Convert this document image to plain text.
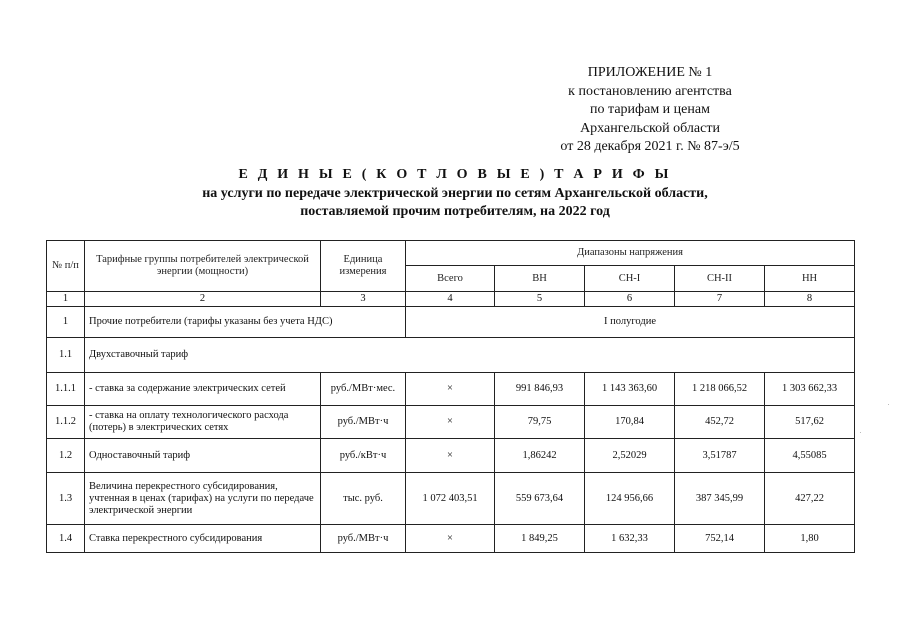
ПРИЛОЖЕНИЕ № 1
к постановлению агентства
по тарифам и ценам
Архангельской области
от 28 декабря 2021 г. № 87-э/5
Е Д И Н Ы Е ( К О Т Л О В Ы Е ) Т А Р И Ф Ы
на услуги по передаче электрической энергии по сетям Архангельской области,
поставляемой прочим потребителям, на 2022 год
№ п/п	Тарифные группы потребителей электрической энергии (мощности)	Единица измерения	Диапазоны напряжения				
			Всего	ВН	СН-I	СН-II	НН
1	2	3	4	5	6	7	8
1	Прочие потребители (тарифы указаны без учета НДС)		I полугодие				
1.1	Двухставочный тариф						
1.1.1	- ставка за содержание электрических сетей	руб./МВт·мес.	×	991 846,93	1 143 363,60	1 218 066,52	1 303 662,33
1.1.2	- ставка на оплату технологического расхода (потерь) в электрических сетях	руб./МВт·ч	×	79,75	170,84	452,72	517,62
1.2	Одноставочный тариф	руб./кВт·ч	×	1,86242	2,52029	3,51787	4,55085
1.3	Величина перекрестного субсидирования, учтенная в ценах (тарифах) на услуги по передаче электрической энергии	тыс. руб.	1 072 403,51	559 673,64	124 956,66	387 345,99	427,22
1.4	Ставка перекрестного субсидирования	руб./МВт·ч	×	1 849,25	1 632,33	752,14	1,80
